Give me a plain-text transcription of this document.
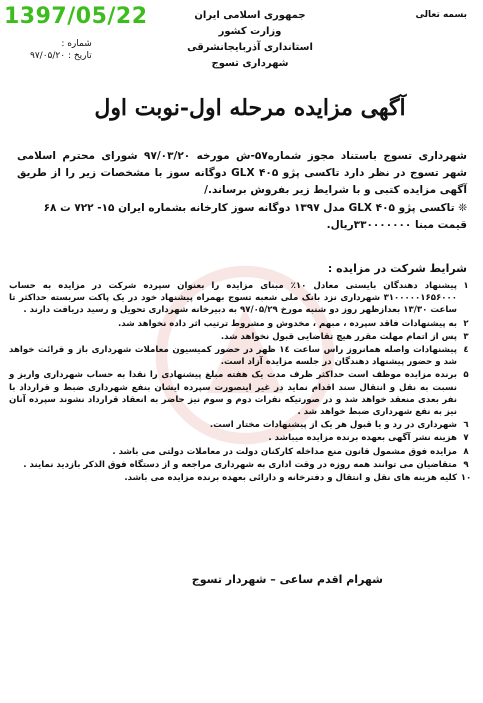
1397/05/22
شماره :
تاریخ : ۹۷/۰۵/۲۰
جمهوری اسلامی ایران
وزارت کشور
استانداری آذربایجانشرقی
شهرداری تسوج
بسمه تعالی
آگهی مزایده مرحله اول-نوبت اول
شهرداری تسوج باستناد مجوز شماره۵۷-ش مورخه ۹۷/۰۳/۲۰ شورای محترم اسلامی شهر تسوج در نظر دارد تاکسی پژو GLX ۴۰۵ دوگانه سوز با مشخصات زیر را از طریق آگهی مزایده کتبی و با شرایط زیر بفروش برساند./
❊ تاکسی پژو GLX ۴۰۵ مدل ۱۳۹۷ دوگانه سوز کارخانه بشماره ایران ۱۵- ۷۲۲ ت ۶۸ قیمت مبنا ۳۳۰۰۰۰۰۰۰ریال.
شرایط شرکت در مزایده :
۱
پیشنهاد دهندگان بایستی معادل ۱۰٪ مبنای مزایده را بعنوان سپرده شرکت در مزایده به حساب ۳۱۰۰۰۰۰۱۶۵۶۰۰۰ شهرداری نزد بانک ملی شعبه تسوج بهمراه پیشنهاد خود در یک پاکت سربسته حداکثر تا ساعت ۱۳/۳۰ بعدازظهر روز دو شنبه مورخ ۹۷/۰۵/۲۹ به دبیرخانه شهرداری تحویل و رسید دریافت دارند .
۲
به پیشنهادات فاقد سپرده ، مبهم ، مخدوش و مشروط ترتیب اثر داده نخواهد شد.
۳
پس از اتمام مهلت مقرر هیچ تقاضایی قبول نخواهد شد.
٤
پیشنهادات واصله همانروز راس ساعت ١٤ ظهر در حضور کمیسیون معاملات شهرداری باز و قرائت خواهد شد و حضور پیشنهاد دهندگان در جلسه مزایده آزاد است.
۵
برنده مزایده موظف است حداکثر ظرف مدت یک هفته مبلغ پیشنهادی را نقدا به حساب شهرداری واریز و نسبت به نقل و انتقال سند اقدام نماید در غیر اینصورت سپرده ایشان بنفع شهرداری ضبط و قرارداد با نفر بعدی منعقد خواهد شد و در صورتیکه نفرات دوم و سوم نیز حاضر به انعقاد قرارداد نشوند سپرده آنان نیز به نفع شهرداری ضبط خواهد شد .
٦
شهرداری در رد و یا قبول هر یک از پیشنهادات مختار است.
۷
هزینه نشر آگهی بعهده برنده مزایده میباشد .
۸
مزایده فوق مشمول قانون منع مداخله کارکنان دولت در معاملات دولتی می باشد .
۹
متقاضیان می توانند همه روزه در وقت اداری به شهرداری مراجعه و از دستگاه فوق الذکر بازدید نمایند .
۱۰
کلیه هزینه های نقل و انتقال و دفترخانه و دارائی بعهده برنده مزایده می باشد.
شهرام اقدم ساعی – شهردار تسوج
